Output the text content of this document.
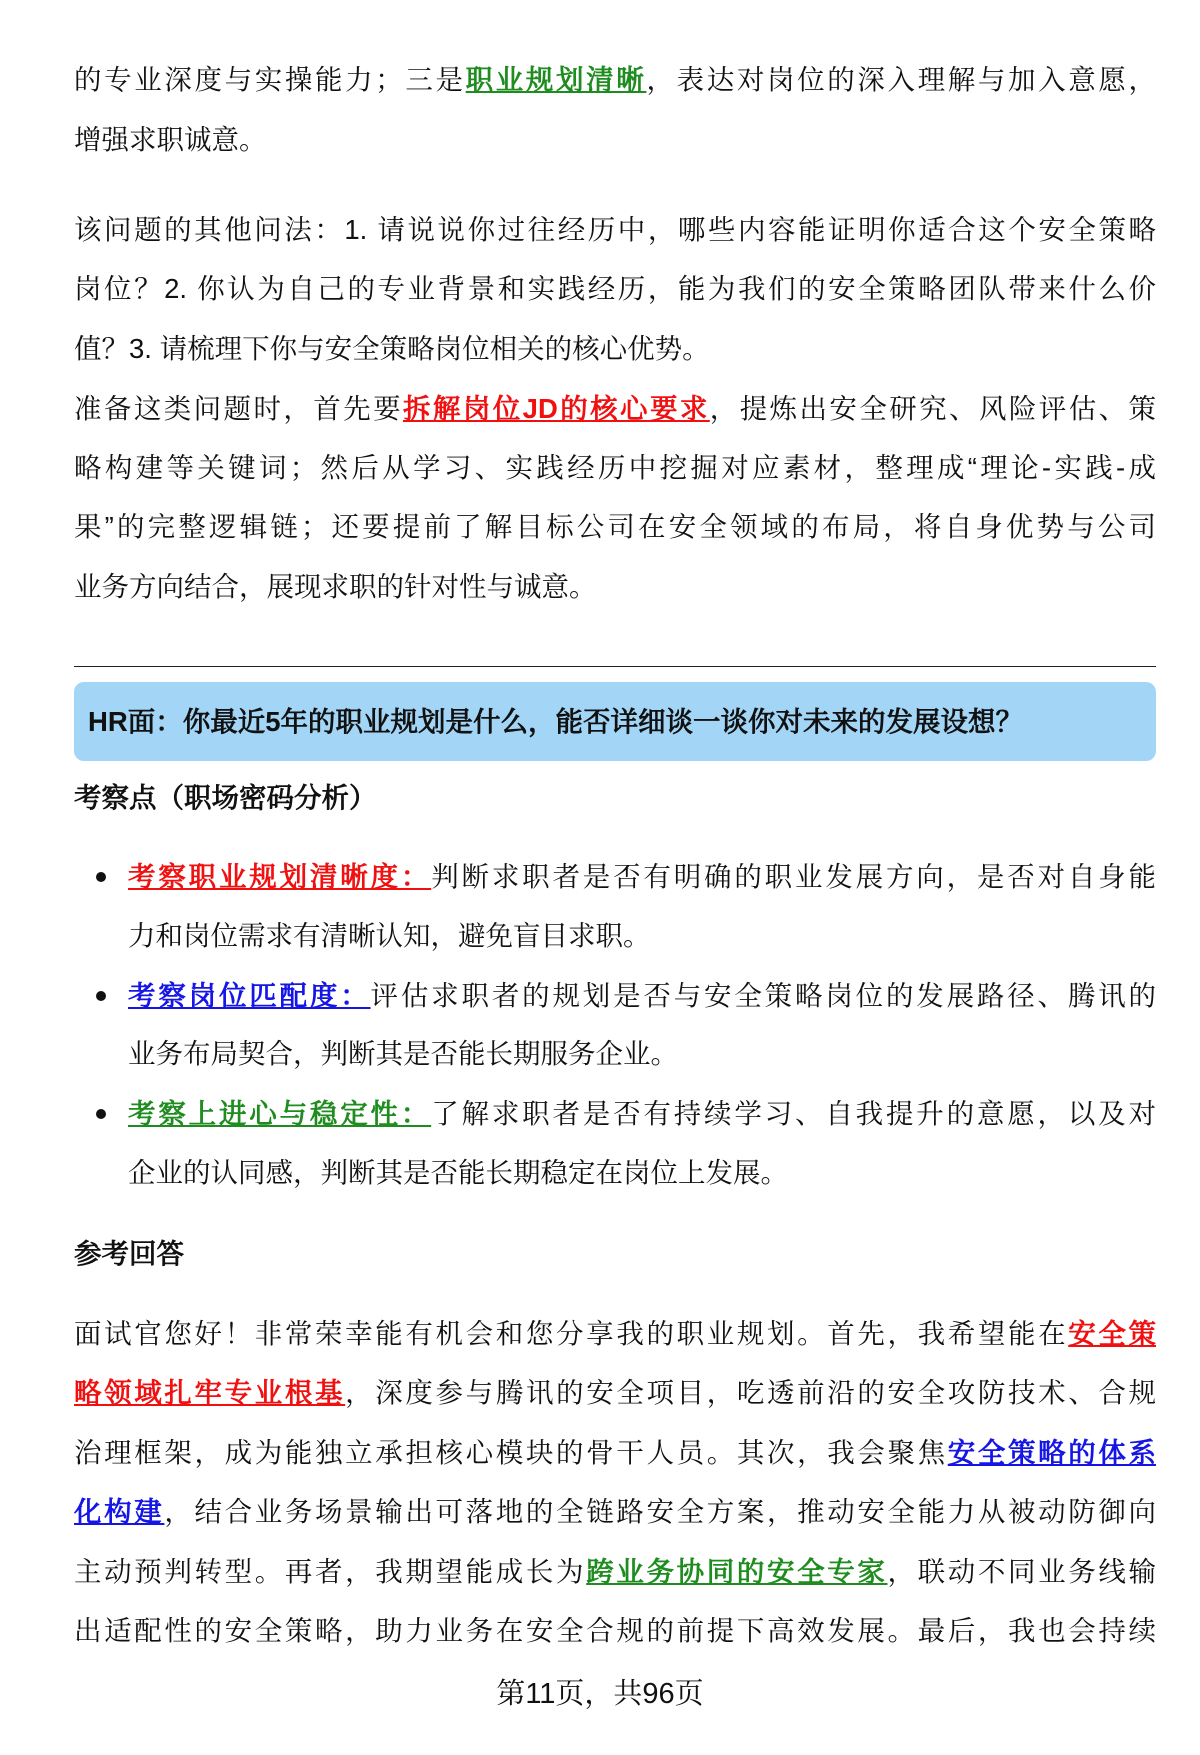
的专业深度与实操能力；三是职业规划清晰，表达对岗位的深入理解与加入意愿，
增强求职诚意。
该问题的其他问法：1. 请说说你过往经历中，哪些内容能证明你适合这个安全策略
岗位？2. 你认为自己的专业背景和实践经历，能为我们的安全策略团队带来什么价
值？3. 请梳理下你与安全策略岗位相关的核心优势。
准备这类问题时，首先要拆解岗位JD的核心要求，提炼出安全研究、风险评估、策
略构建等关键词；然后从学习、实践经历中挖掘对应素材，整理成“理论-实践-成
果”的完整逻辑链；还要提前了解目标公司在安全领域的布局，将自身优势与公司
业务方向结合，展现求职的针对性与诚意。
HR面：你最近5年的职业规划是什么，能否详细谈一谈你对未来的发展设想？
考察点（职场密码分析）
考察职业规划清晰度：判断求职者是否有明确的职业发展方向，是否对自身能
力和岗位需求有清晰认知，避免盲目求职。
考察岗位匹配度：评估求职者的规划是否与安全策略岗位的发展路径、腾讯的
业务布局契合，判断其是否能长期服务企业。
考察上进心与稳定性：了解求职者是否有持续学习、自我提升的意愿，以及对
企业的认同感，判断其是否能长期稳定在岗位上发展。
参考回答
面试官您好！非常荣幸能有机会和您分享我的职业规划。首先，我希望能在安全策
略领域扎牢专业根基，深度参与腾讯的安全项目，吃透前沿的安全攻防技术、合规
治理框架，成为能独立承担核心模块的骨干人员。其次，我会聚焦安全策略的体系
化构建，结合业务场景输出可落地的全链路安全方案，推动安全能力从被动防御向
主动预判转型。再者，我期望能成长为跨业务协同的安全专家，联动不同业务线输
出适配性的安全策略，助力业务在安全合规的前提下高效发展。最后，我也会持续
第11页，共96页
